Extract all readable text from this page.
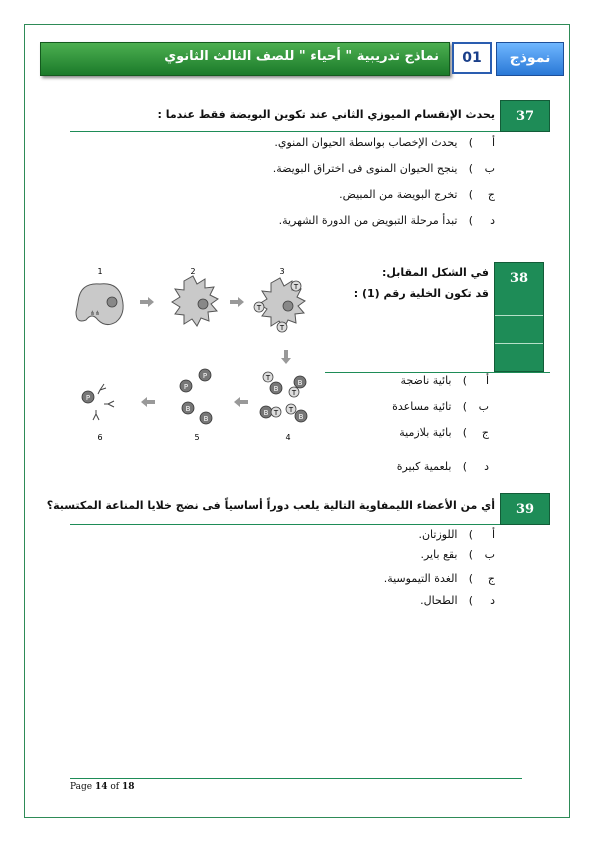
نماذج تدريبية " أحياء " للصف الثالث الثانوي	01	نموذج
37
يحدث الإنقسام الميوزي الثاني عند تكوين البويضة فقط عندما :
أ) يحدث الإخصاب بواسطة الحيوان المنوي.
ب) ينجح الحيوان المنوى فى اختراق البويضة.
ج) تخرج البويضة من المبيض.
د) تبدأ مرحلة التبويض من الدورة الشهرية.
38
في الشكل المقابل:
قد تكون الخلية رقم (1) :
أ) بائية ناضجة
ب) تائية مساعدة
ج) بائية بلازمية
د) بلعمية كبيرة
1	2	3
4
5
6
⋔⋔
T
T
T
T
B
B
T
B T T
B
P
P
B
B
P
39
أي من الأعضاء الليمفاوية التالية يلعب دوراً أساسياً فى نضج خلايا المناعة المكتسبة؟
أ) اللوزتان.
ب) بقع باير.
ج) الغدة التيموسية.
د) الطحال.
Page 14 of 18
